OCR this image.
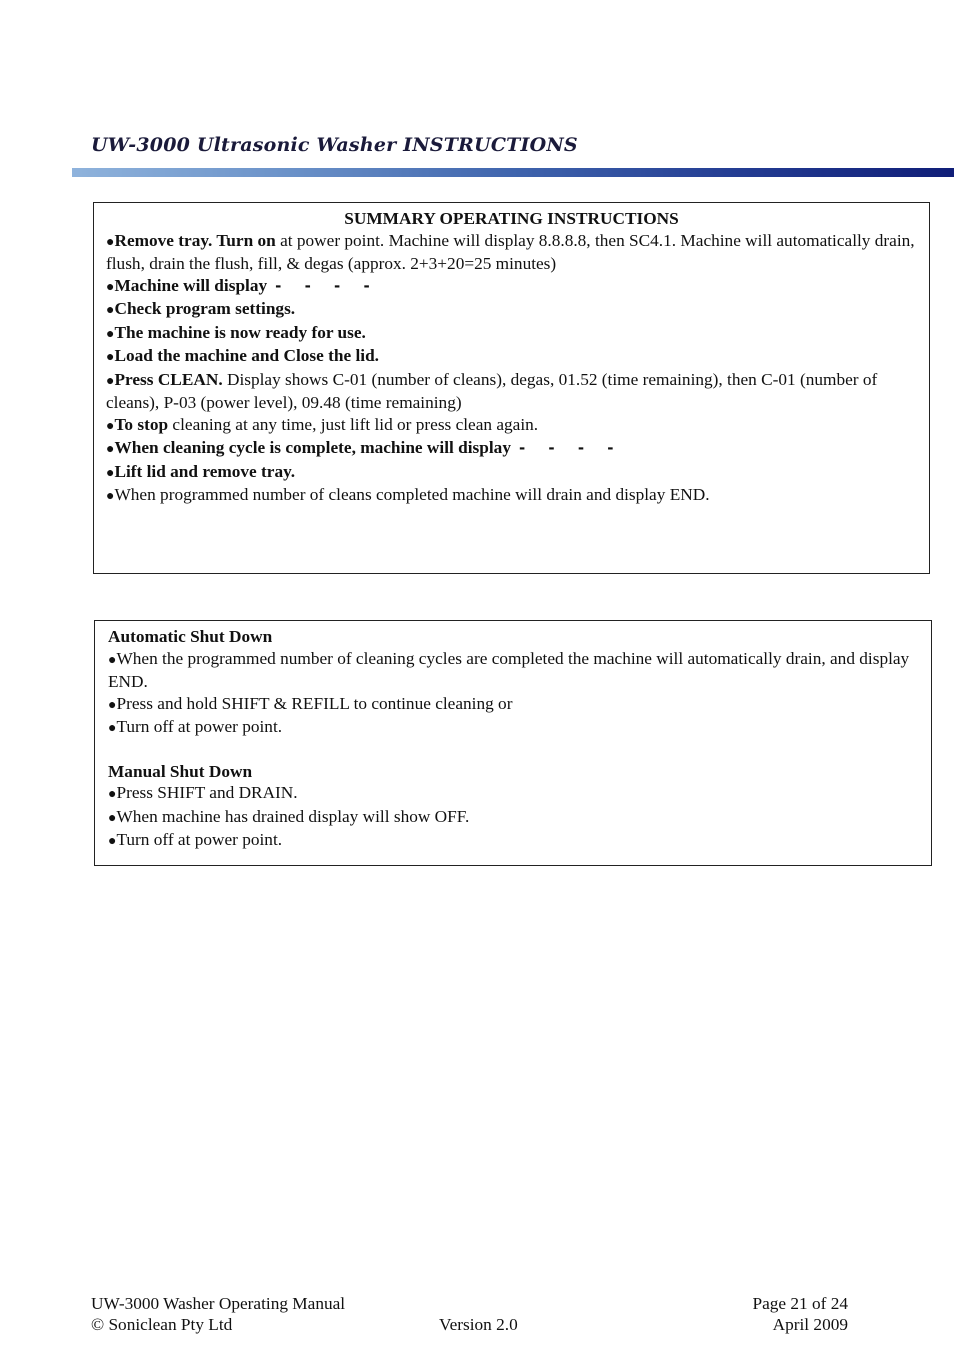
UW-3000 Ultrasonic Washer INSTRUCTIONS
SUMMARY OPERATING INSTRUCTIONS

●Remove tray. Turn on at power point. Machine will display 8.8.8.8, then SC4.1. Machine will automatically drain, flush, drain the flush, fill, & degas (approx. 2+3+20=25 minutes)

●Machine will display - - - -

●Check program settings.

●The machine is now ready for use.

●Load the machine and Close the lid.

●Press CLEAN. Display shows C-01 (number of cleans), degas, 01.52 (time remaining), then C-01 (number of cleans), P-03 (power level), 09.48 (time remaining)

●To stop cleaning at any time, just lift lid or press clean again.

●When cleaning cycle is complete, machine will display - - - -

●Lift lid and remove tray.

●When programmed number of cleans completed machine will drain and display END.

Automatic Shut Down

●When the programmed number of cleaning cycles are completed the machine will automatically drain, and display END.

●Press and hold SHIFT & REFILL to continue cleaning or

●Turn off at power point.

Manual Shut Down

●Press SHIFT and DRAIN.

●When machine has drained display will show OFF.

●Turn off at power point.

UW-3000 Washer Operating Manual
© Soniclean Pty Ltd	Version 2.0
Page 21 of 24
April 2009
